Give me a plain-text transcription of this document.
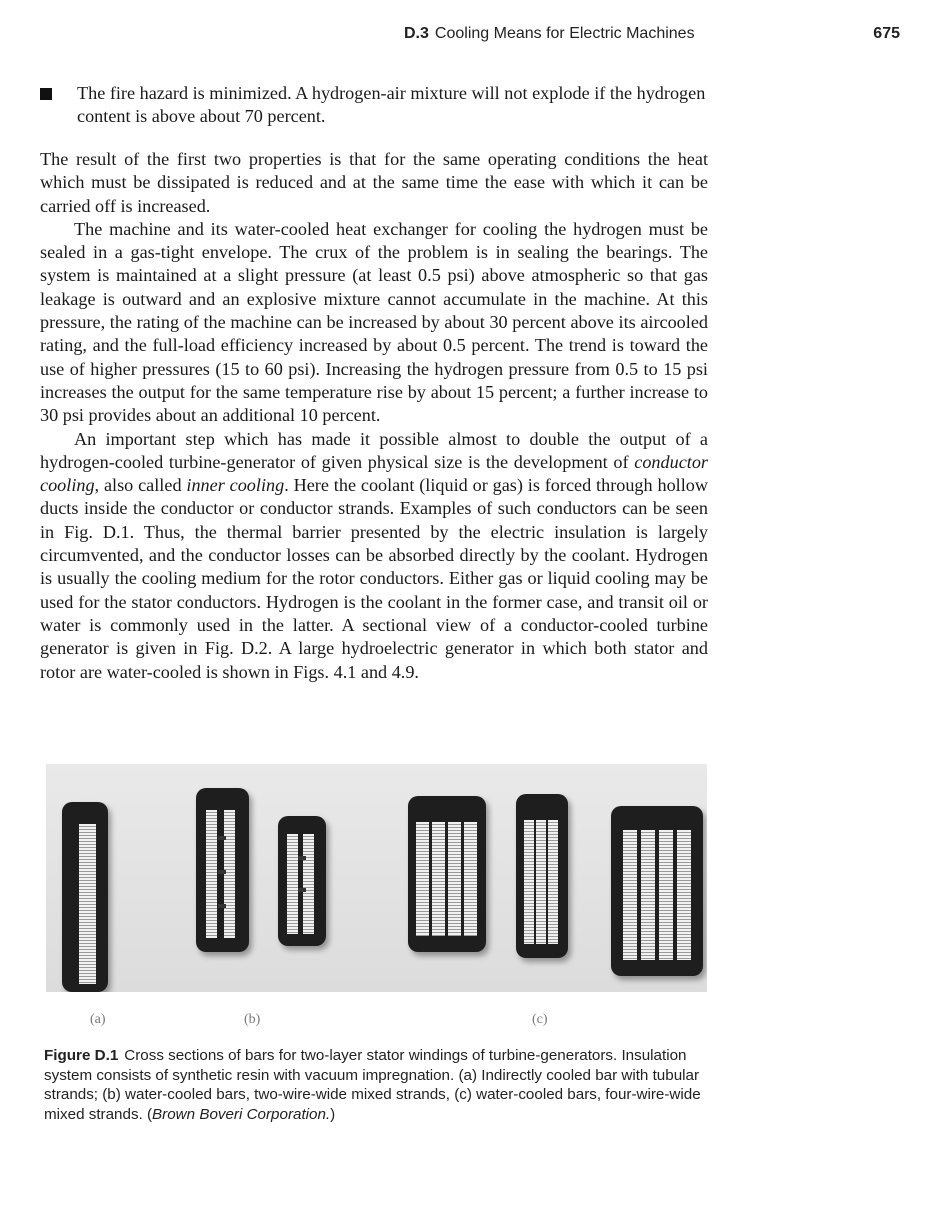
D.3 Cooling Means for Electric Machines	675
The fire hazard is minimized. A hydrogen-air mixture will not explode if the hydrogen content is above about 70 percent.

The result of the first two properties is that for the same operating conditions the heat which must be dissipated is reduced and at the same time the ease with which it can be carried off is increased.

The machine and its water-cooled heat exchanger for cooling the hydrogen must be sealed in a gas-tight envelope. The crux of the problem is in sealing the bearings. The system is maintained at a slight pressure (at least 0.5 psi) above atmospheric so that gas leakage is outward and an explosive mixture cannot accumulate in the machine. At this pressure, the rating of the machine can be increased by about 30 percent above its aircooled rating, and the full-load efficiency increased by about 0.5 percent. The trend is toward the use of higher pressures (15 to 60 psi). Increasing the hydrogen pressure from 0.5 to 15 psi increases the output for the same temperature rise by about 15 percent; a further increase to 30 psi provides about an additional 10 percent.

An important step which has made it possible almost to double the output of a hydrogen-cooled turbine-generator of given physical size is the development of conductor cooling, also called inner cooling. Here the coolant (liquid or gas) is forced through hollow ducts inside the conductor or conductor strands. Examples of such conductors can be seen in Fig. D.1. Thus, the thermal barrier presented by the electric insulation is largely circumvented, and the conductor losses can be absorbed directly by the coolant. Hydrogen is usually the cooling medium for the rotor conductors. Either gas or liquid cooling may be used for the stator conductors. Hydrogen is the coolant in the former case, and transit oil or water is commonly used in the latter. A sectional view of a conductor-cooled turbine generator is given in Fig. D.2. A large hydroelectric generator in which both stator and rotor are water-cooled is shown in Figs. 4.1 and 4.9.

(a)	(b)	(c)
Figure D.1 Cross sections of bars for two-layer stator windings of turbine-generators. Insulation system consists of synthetic resin with vacuum impregnation. (a) Indirectly cooled bar with tubular strands; (b) water-cooled bars, two-wire-wide mixed strands, (c) water-cooled bars, four-wire-wide mixed strands. (Brown Boveri Corporation.)
